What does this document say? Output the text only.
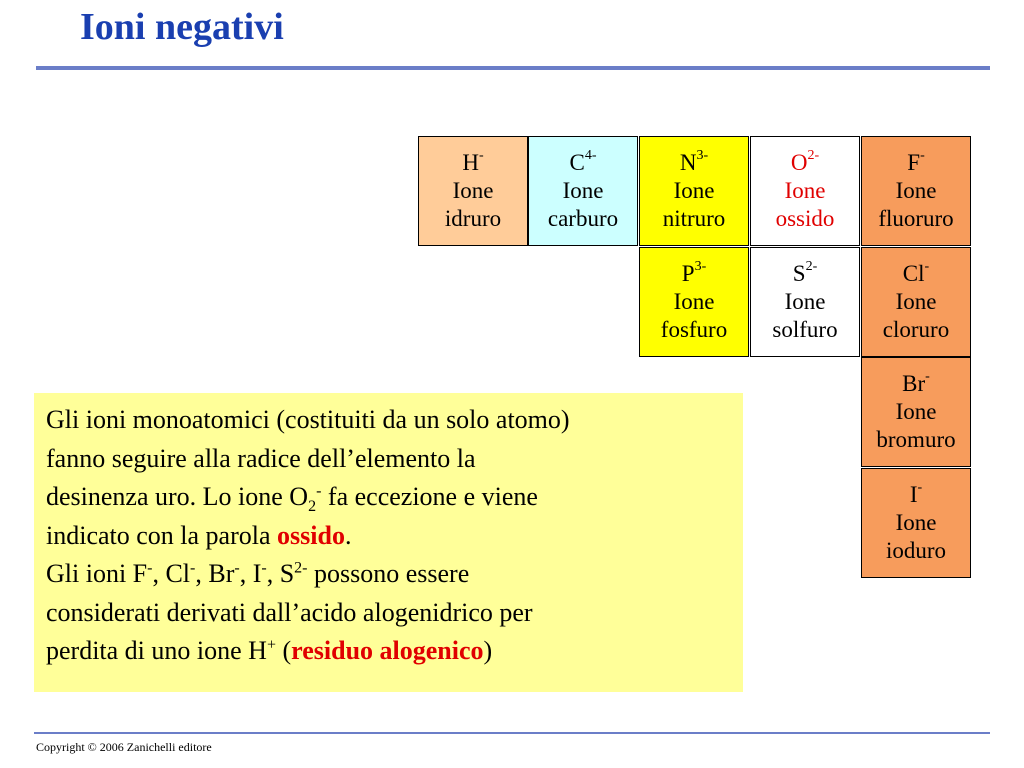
Ioni negativi
H-
Ione
idruro
$C^{4-}$
Ione
carburo
$N^{3-}$
Ione
nitruro
$O^{2-}$
Ione
ossido
F-
Ione
fluoruro
$P^{3-}$
Ione
fosfuro
$S^{2-}$
Ione
solfuro
Cl-
Ione
cloruro
Br-
Ione
bromuro
I-
Ione
ioduro
Gli ioni monoatomici (costituiti da un solo atomo)
fanno seguire alla radice dell’elemento la
desinenza uro. Lo ione $O_2^-$ fa eccezione e viene
indicato con la parola ossido.
Gli ioni F-, Cl-, Br-, I-, $S^{2-}$ possono essere
considerati derivati dall’acido alogenidrico per
perdita di uno ione H+ (residuo alogenico)
Copyright © 2006 Zanichelli editore
